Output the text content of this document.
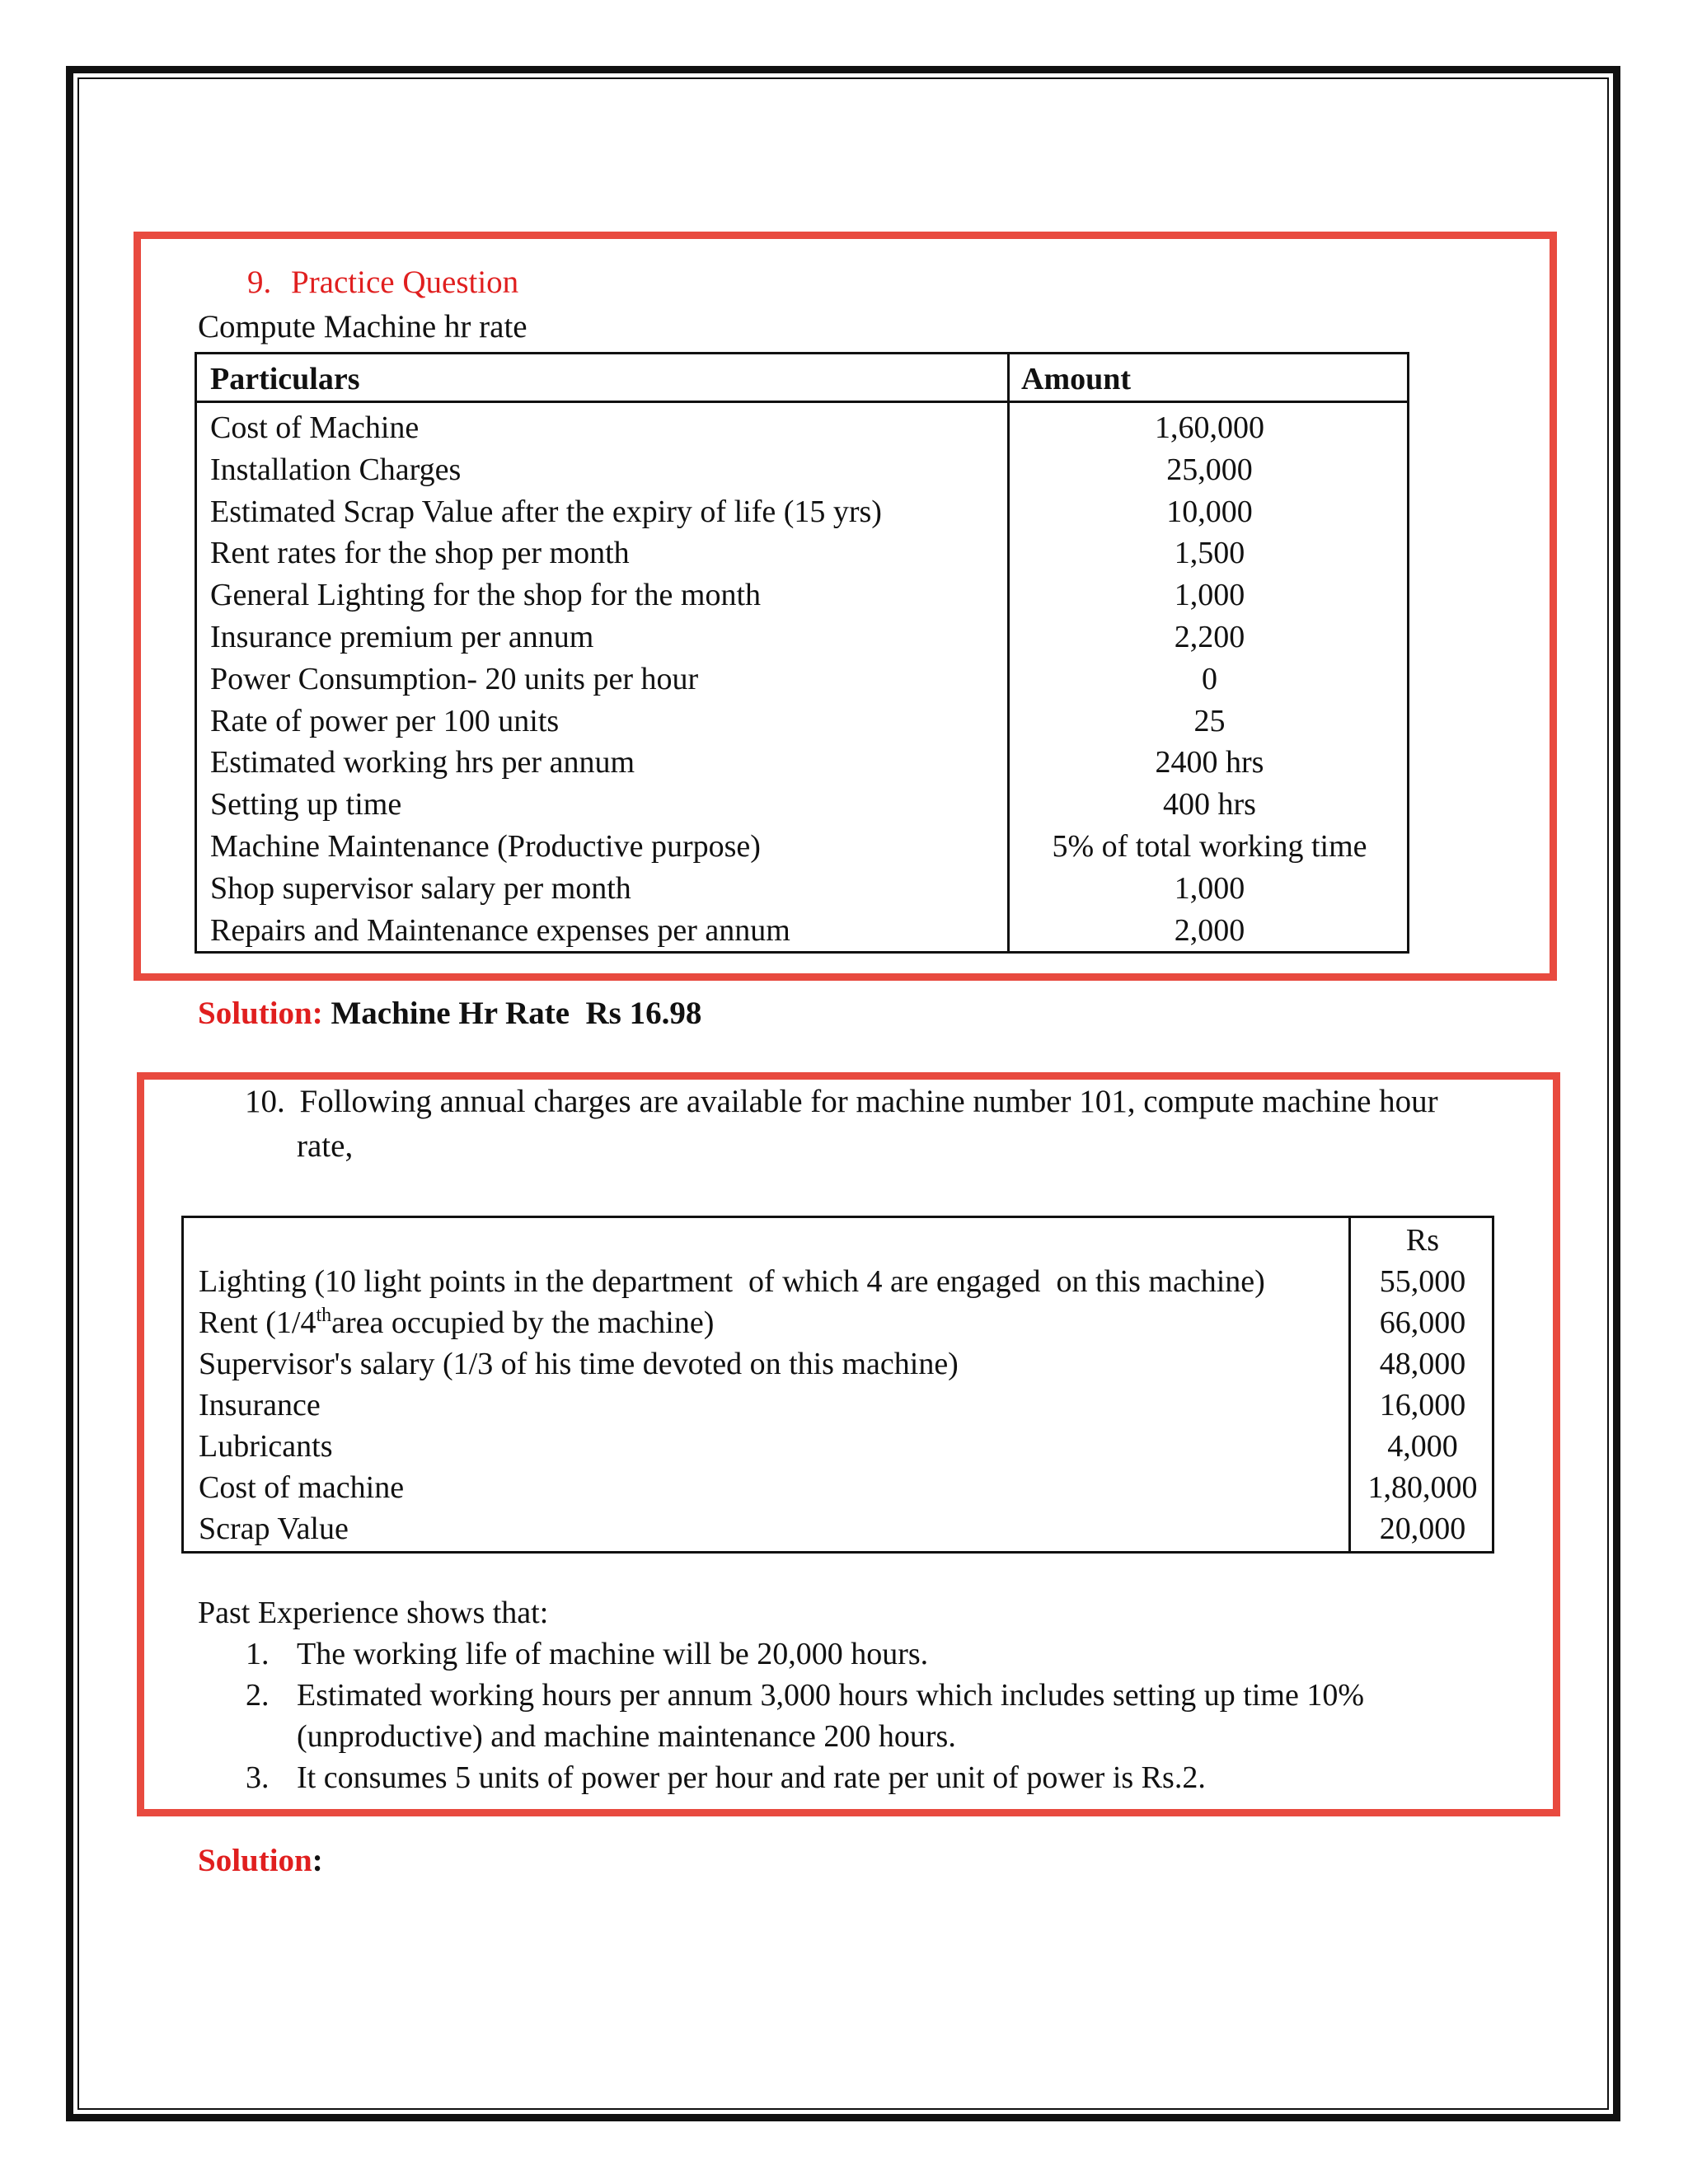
9. Practice Question
Compute Machine hr rate
Particulars	Amount
Cost of Machine	1,60,000
Installation Charges	25,000
Estimated Scrap Value after the expiry of life (15 yrs)	10,000
Rent rates for the shop per month	1,500
General Lighting for the shop for the month	1,000
Insurance premium per annum	2,200
Power Consumption- 20 units per hour	0
Rate of power per 100 units	25
Estimated working hrs per annum	2400 hrs
Setting up time	400 hrs
Machine Maintenance (Productive purpose)	5% of total working time
Shop supervisor salary per month	1,000
Repairs and Maintenance expenses per annum	2,000
Solution: Machine Hr Rate  Rs 16.98
10. Following annual charges are available for machine number 101, compute machine hour
rate,
Rs
Lighting (10 light points in the department  of which 4 are engaged  on this machine)	55,000
Rent (1/4tharea occupied by the machine)	66,000
Supervisor's salary (1/3 of his time devoted on this machine)	48,000
Insurance	16,000
Lubricants	4,000
Cost of machine	1,80,000
Scrap Value	20,000
Past Experience shows that:
1. The working life of machine will be 20,000 hours.
2. Estimated working hours per annum 3,000 hours which includes setting up time 10%
(unproductive) and machine maintenance 200 hours.
3. It consumes 5 units of power per hour and rate per unit of power is Rs.2.
Solution:
